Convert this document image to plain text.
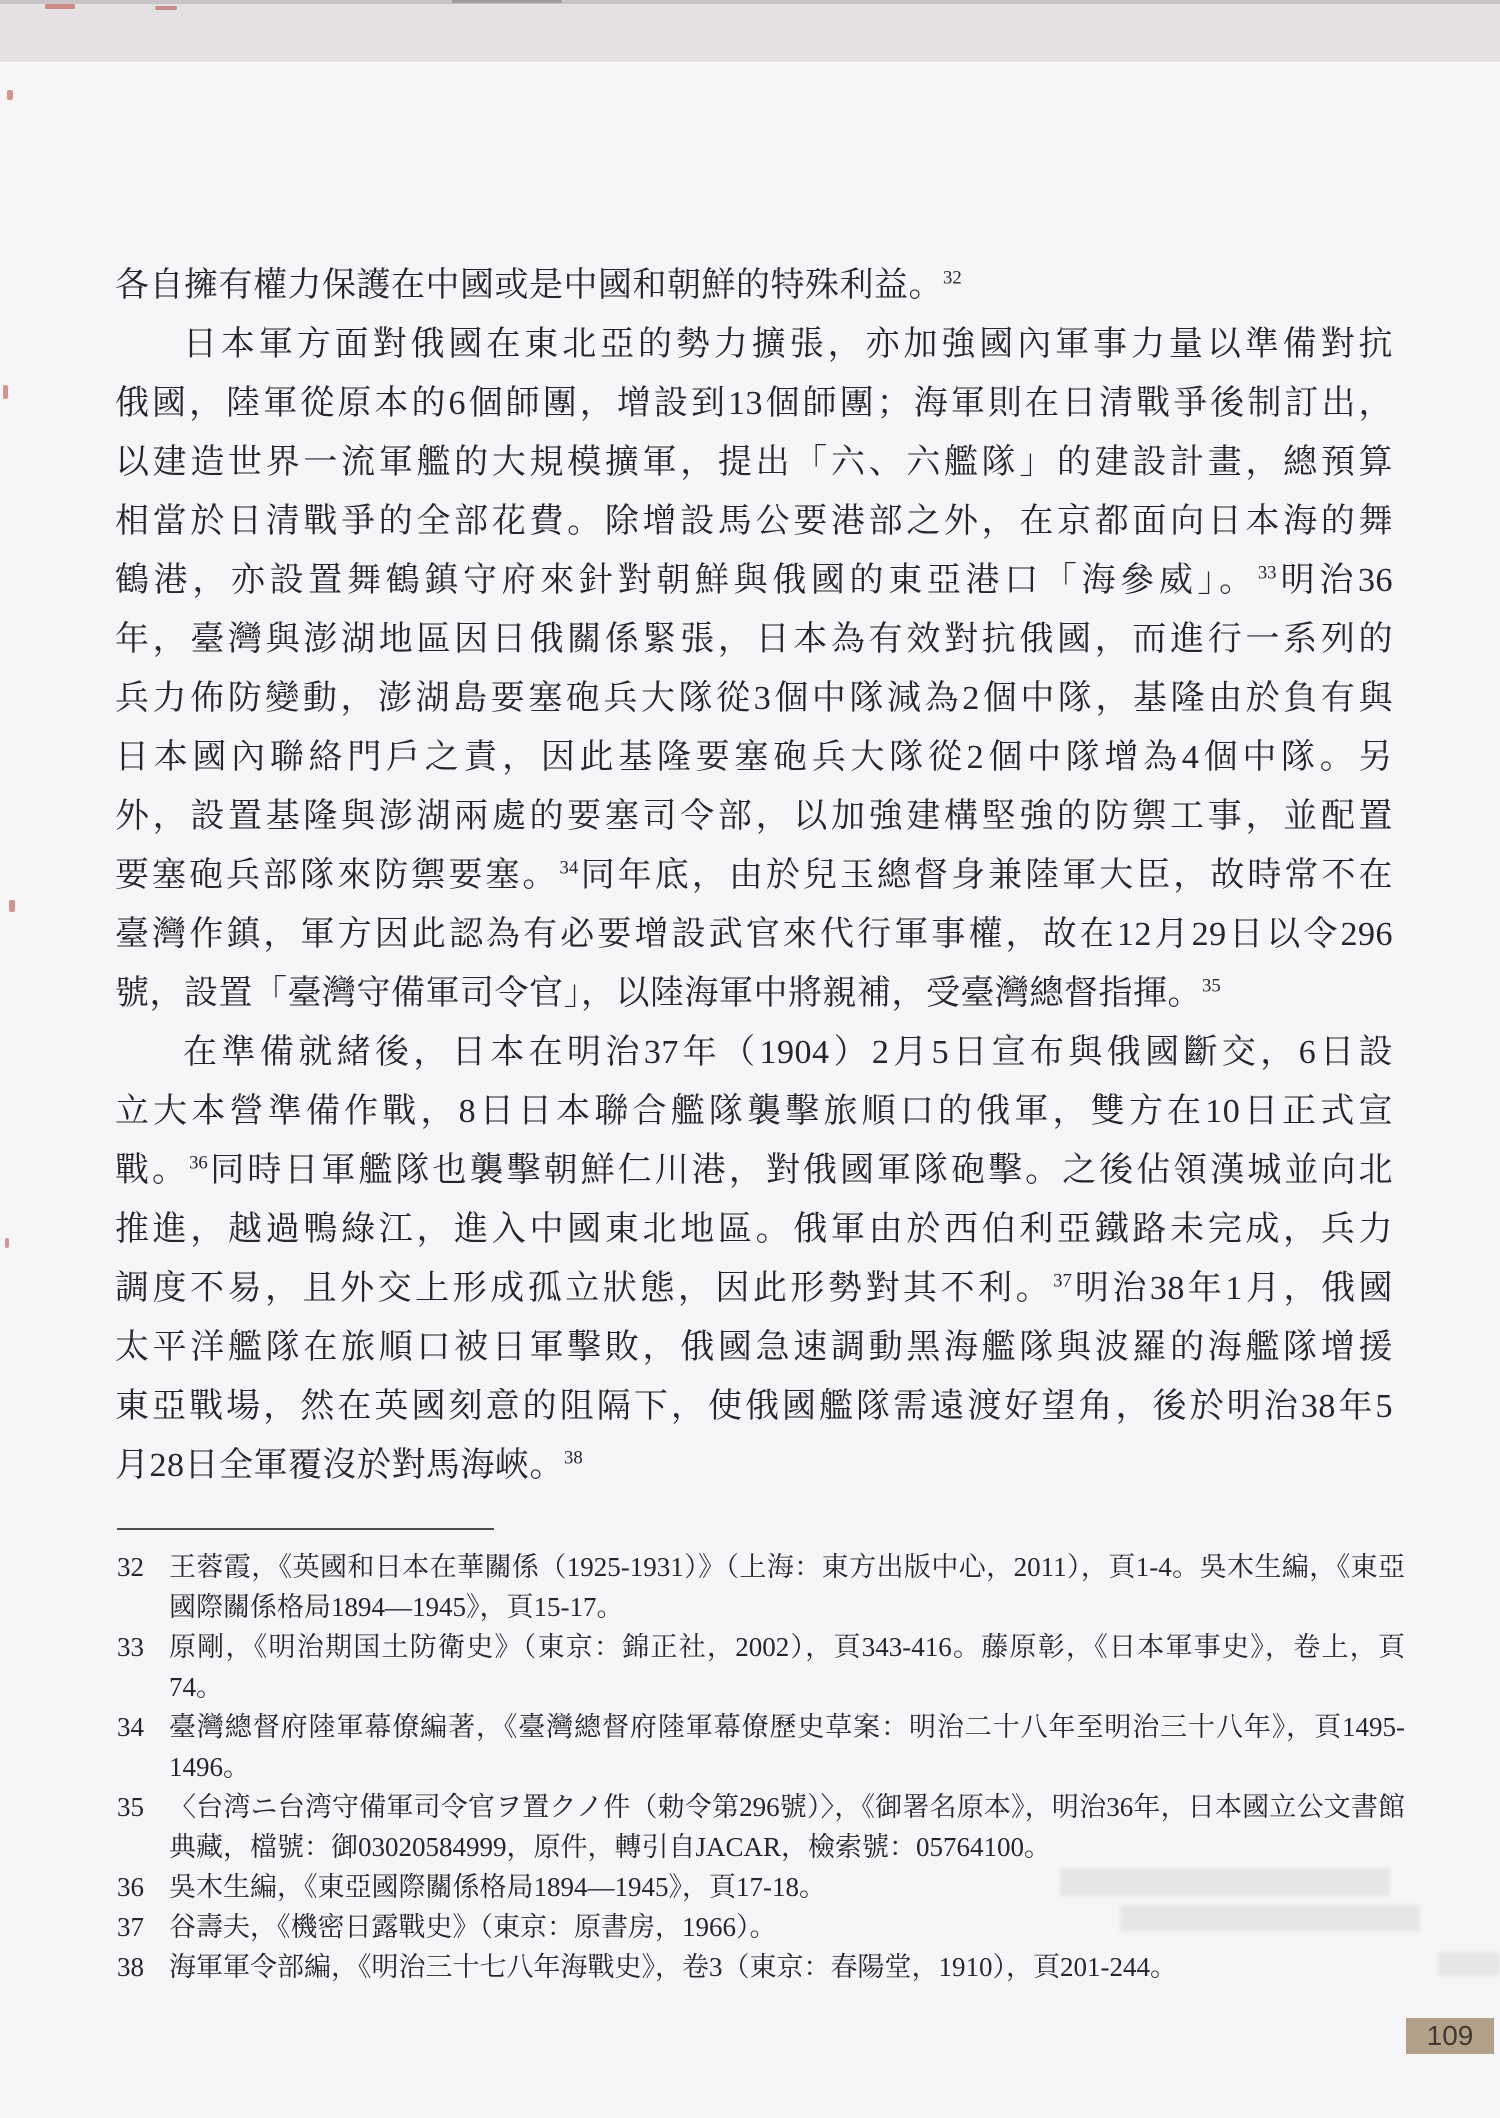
各自擁有權力保護在中國或是中國和朝鮮的特殊利益。$^{32}$
日本軍方面對俄國在東北亞的勢力擴張，亦加強國內軍事力量以準備對抗
俄國，陸軍從原本的6個師團，增設到13個師團；海軍則在日清戰爭後制訂出，
以建造世界一流軍艦的大規模擴軍，提出「六、六艦隊」的建設計畫，總預算
相當於日清戰爭的全部花費。除增設馬公要港部之外，在京都面向日本海的舞
鶴港，亦設置舞鶴鎮守府來針對朝鮮與俄國的東亞港口「海參威」。$^{33}$明治36
年，臺灣與澎湖地區因日俄關係緊張，日本為有效對抗俄國，而進行一系列的
兵力佈防變動，澎湖島要塞砲兵大隊從3個中隊減為2個中隊，基隆由於負有與
日本國內聯絡門戶之責，因此基隆要塞砲兵大隊從2個中隊增為4個中隊。另
外，設置基隆與澎湖兩處的要塞司令部，以加強建構堅強的防禦工事，並配置
要塞砲兵部隊來防禦要塞。$^{34}$同年底，由於兒玉總督身兼陸軍大臣，故時常不在
臺灣作鎮，軍方因此認為有必要增設武官來代行軍事權，故在12月29日以令296
號，設置「臺灣守備軍司令官」，以陸海軍中將親補，受臺灣總督指揮。$^{35}$
在準備就緒後，日本在明治37年（1904）2月5日宣布與俄國斷交，6日設
立大本營準備作戰，8日日本聯合艦隊襲擊旅順口的俄軍，雙方在10日正式宣
戰。$^{36}$同時日軍艦隊也襲擊朝鮮仁川港，對俄國軍隊砲擊。之後佔領漢城並向北
推進，越過鴨綠江，進入中國東北地區。俄軍由於西伯利亞鐵路未完成，兵力
調度不易，且外交上形成孤立狀態，因此形勢對其不利。$^{37}$明治38年1月，俄國
太平洋艦隊在旅順口被日軍擊敗，俄國急速調動黑海艦隊與波羅的海艦隊增援
東亞戰場，然在英國刻意的阻隔下，使俄國艦隊需遠渡好望角，後於明治38年5
月28日全軍覆沒於對馬海峽。$^{38}$
32 王蓉霞，《英國和日本在華關係（1925-1931）》（上海：東方出版中心，2011），頁1-4。吳木生編，《東亞國際關係格局1894—1945》，頁15-17。
33 原剛，《明治期国土防衛史》（東京：錦正社，2002），頁343-416。藤原彰，《日本軍事史》，卷上，頁74。
34 臺灣總督府陸軍幕僚編著，《臺灣總督府陸軍幕僚歷史草案：明治二十八年至明治三十八年》，頁1495-1496。
35 〈台湾ニ台湾守備軍司令官ヲ置クノ件（勅令第296號）〉，《御署名原本》，明治36年，日本國立公文書館典藏，檔號：御03020584999，原件，轉引自JACAR，檢索號：05764100。
36 吳木生編，《東亞國際關係格局1894—1945》，頁17-18。
37 谷壽夫，《機密日露戰史》（東京：原書房，1966）。
38 海軍軍令部編，《明治三十七八年海戰史》，卷3（東京：春陽堂，1910），頁201-244。
109
